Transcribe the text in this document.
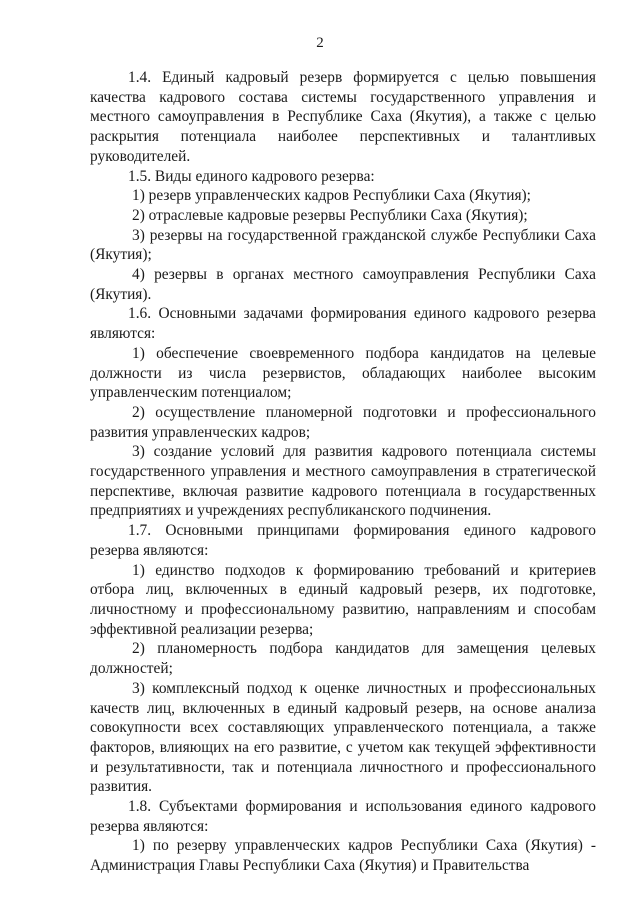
2

1.4. Единый кадровый резерв формируется с целью повышения качества кадрового состава системы государственного управления и местного самоуправления в Республике Саха (Якутия), а также с целью раскрытия потенциала наиболее перспективных и талантливых руководителей.

1.5. Виды единого кадрового резерва:

1) резерв управленческих кадров Республики Саха (Якутия);

2) отраслевые кадровые резервы Республики Саха (Якутия);

3) резервы на государственной гражданской службе Республики Саха (Якутия);

4) резервы в органах местного самоуправления Республики Саха (Якутия).

1.6. Основными задачами формирования единого кадрового резерва являются:

1) обеспечение своевременного подбора кандидатов на целевые должности из числа резервистов, обладающих наиболее высоким управленческим потенциалом;

2) осуществление планомерной подготовки и профессионального развития управленческих кадров;

3) создание условий для развития кадрового потенциала системы государственного управления и местного самоуправления в стратегической перспективе, включая развитие кадрового потенциала в государственных предприятиях и учреждениях республиканского подчинения.

1.7. Основными принципами формирования единого кадрового резерва являются:

1) единство подходов к формированию требований и критериев отбора лиц, включенных в единый кадровый резерв, их подготовке, личностному и профессиональному развитию, направлениям и способам эффективной реализации резерва;

2) планомерность подбора кандидатов для замещения целевых должностей;

3) комплексный подход к оценке личностных и профессиональных качеств лиц, включенных в единый кадровый резерв, на основе анализа совокупности всех составляющих управленческого потенциала, а также факторов, влияющих на его развитие, с учетом как текущей эффективности и результативности, так и потенциала личностного и профессионального развития.

1.8. Субъектами формирования и использования единого кадрового резерва являются:

1) по резерву управленческих кадров Республики Саха (Якутия) - Администрация Главы Республики Саха (Якутия) и Правительства
